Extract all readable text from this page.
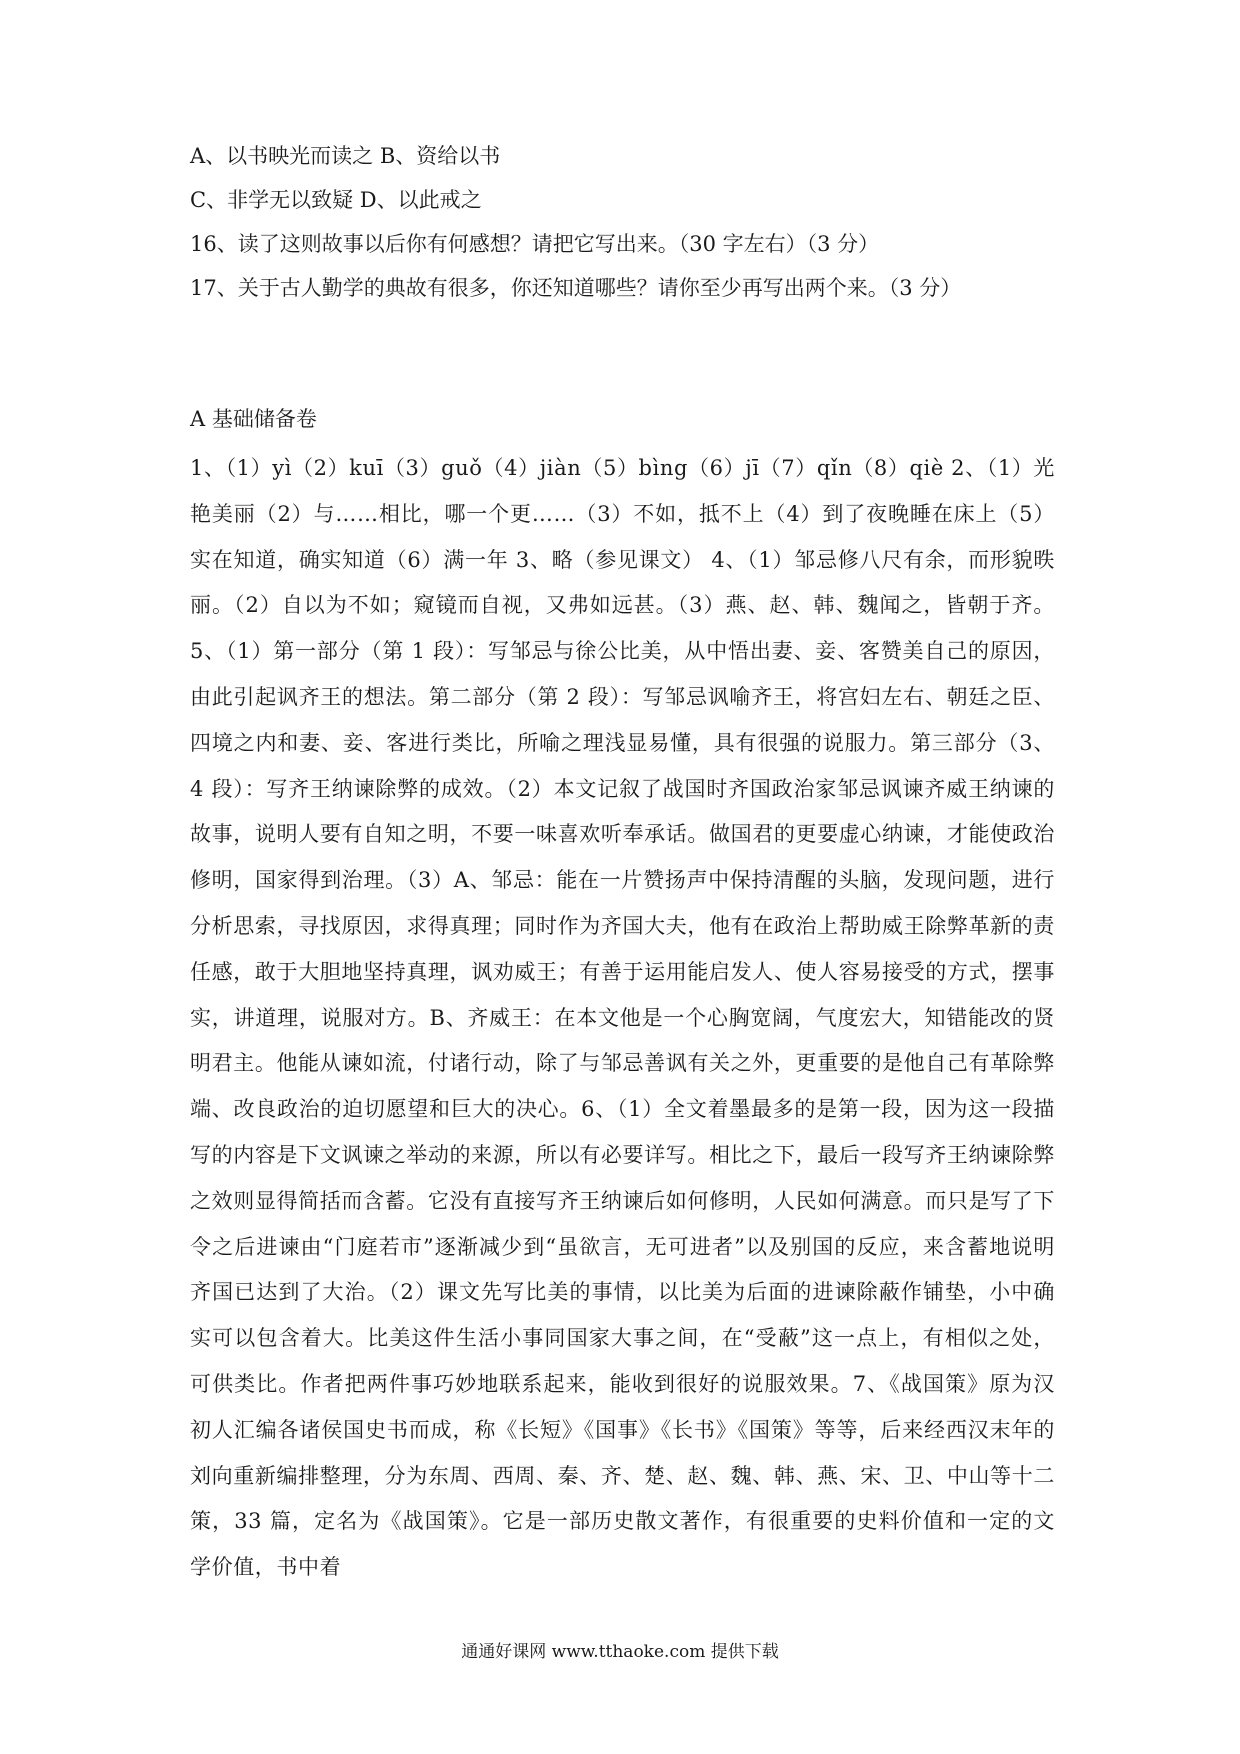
A、以书映光而读之 B、资给以书
C、非学无以致疑 D、以此戒之
16、读了这则故事以后你有何感想？请把它写出来。（30 字左右）（3 分）
17、关于古人勤学的典故有很多，你还知道哪些？请你至少再写出两个来。（3 分）
A 基础储备卷

1、（1）yì（2）kuī（3）guǒ（4）jiàn（5）bìng（6）jī（7）qǐn（8）qiè 2、（1）光艳美丽（2）与……相比，哪一个更……（3）不如，抵不上（4）到了夜晚睡在床上（5）实在知道，确实知道（6）满一年 3、略（参见课文） 4、（1）邹忌修八尺有余，而形貌昳丽。（2）自以为不如；窥镜而自视，又弗如远甚。（3）燕、赵、韩、魏闻之，皆朝于齐。5、（1）第一部分（第 1 段）：写邹忌与徐公比美，从中悟出妻、妾、客赞美自己的原因，由此引起讽齐王的想法。第二部分（第 2 段）：写邹忌讽喻齐王，将宫妇左右、朝廷之臣、四境之内和妻、妾、客进行类比，所喻之理浅显易懂，具有很强的说服力。第三部分（3、4 段）：写齐王纳谏除弊的成效。（2）本文记叙了战国时齐国政治家邹忌讽谏齐威王纳谏的故事，说明人要有自知之明，不要一味喜欢听奉承话。做国君的更要虚心纳谏，才能使政治修明，国家得到治理。（3）A、邹忌：能在一片赞扬声中保持清醒的头脑，发现问题，进行分析思索，寻找原因，求得真理；同时作为齐国大夫，他有在政治上帮助威王除弊革新的责任感，敢于大胆地坚持真理，讽劝威王；有善于运用能启发人、使人容易接受的方式，摆事实，讲道理，说服对方。B、齐威王：在本文他是一个心胸宽阔，气度宏大，知错能改的贤明君主。他能从谏如流，付诸行动，除了与邹忌善讽有关之外，更重要的是他自己有革除弊端、改良政治的迫切愿望和巨大的决心。6、（1）全文着墨最多的是第一段，因为这一段描写的内容是下文讽谏之举动的来源，所以有必要详写。相比之下，最后一段写齐王纳谏除弊之效则显得简括而含蓄。它没有直接写齐王纳谏后如何修明，人民如何满意。而只是写了下令之后进谏由“门庭若市”逐渐减少到“虽欲言，无可进者”以及别国的反应，来含蓄地说明齐国已达到了大治。（2）课文先写比美的事情，以比美为后面的进谏除蔽作铺垫，小中确实可以包含着大。比美这件生活小事同国家大事之间，在“受蔽”这一点上，有相似之处，可供类比。作者把两件事巧妙地联系起来，能收到很好的说服效果。7、《战国策》原为汉初人汇编各诸侯国史书而成，称《长短》《国事》《长书》《国策》等等，后来经西汉末年的刘向重新编排整理，分为东周、西周、秦、齐、楚、赵、魏、韩、燕、宋、卫、中山等十二策，33 篇，定名为《战国策》。它是一部历史散文著作，有很重要的史料价值和一定的文学价值，书中着

通通好课网 www.tthaoke.com 提供下载
